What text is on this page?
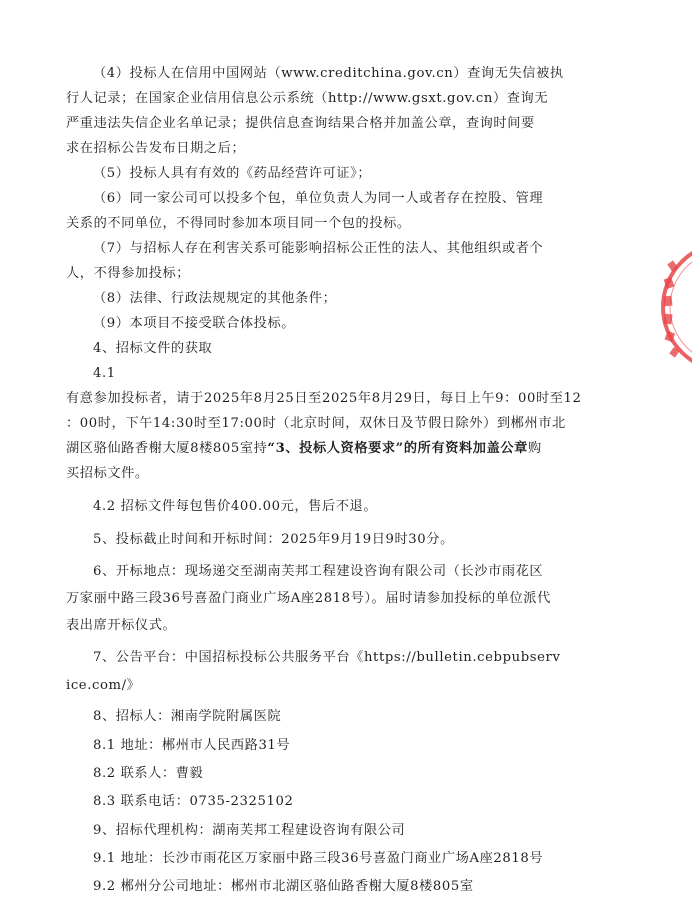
（4）投标人在信用中国网站（www.creditchina.gov.cn）查询无失信被执
行人记录；在国家企业信用信息公示系统（http://www.gsxt.gov.cn）查询无
严重违法失信企业名单记录；提供信息查询结果合格并加盖公章，查询时间要
求在招标公告发布日期之后；
（5）投标人具有有效的《药品经营许可证》；
（6）同一家公司可以投多个包，单位负责人为同一人或者存在控股、管理
关系的不同单位，不得同时参加本项目同一个包的投标。
（7）与招标人存在利害关系可能影响招标公正性的法人、其他组织或者个
人，不得参加投标；
（8）法律、行政法规规定的其他条件；
（9）本项目不接受联合体投标。
4、招标文件的获取
4.1
有意参加投标者，请于2025年8月25日至2025年8月29日，每日上午9：00时至12
：00时，下午14:30时至17:00时（北京时间，双休日及节假日除外）到郴州市北
湖区骆仙路香榭大厦8楼805室持“3、投标人资格要求”的所有资料加盖公章购
买招标文件。
4.2 招标文件每包售价400.00元，售后不退。
5、投标截止时间和开标时间：2025年9月19日9时30分。
6、开标地点：现场递交至湖南芙邦工程建设咨询有限公司（长沙市雨花区
万家丽中路三段36号喜盈门商业广场A座2818号）。届时请参加投标的单位派代
表出席开标仪式。
7、公告平台：中国招标投标公共服务平台《https://bulletin.cebpubserv
ice.com/》
8、招标人：湘南学院附属医院
8.1 地址：郴州市人民西路31号
8.2 联系人：曹毅
8.3 联系电话：0735-2325102
9、招标代理机构：湖南芙邦工程建设咨询有限公司
9.1 地址：长沙市雨花区万家丽中路三段36号喜盈门商业广场A座2818号
9.2 郴州分公司地址：郴州市北湖区骆仙路香榭大厦8楼805室
